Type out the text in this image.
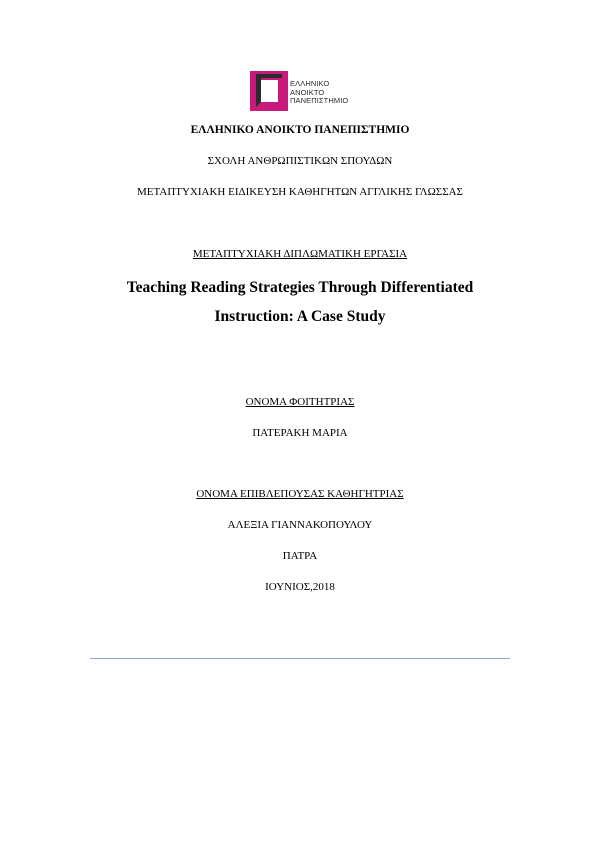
ΕΛΛΗΝΙΚΟ
ΑΝΟΙΚΤΟ
ΠΑΝΕΠΙΣΤΗΜΙΟ
ΕΛΛΗΝΙΚΟ ΑΝΟΙΚΤΟ ΠΑΝΕΠΙΣΤΗΜΙΟ
ΣΧΟΛΗ ΑΝΘΡΩΠΙΣΤΙΚΩΝ ΣΠΟΥΔΩΝ
ΜΕΤΑΠΤΥΧΙΑΚΗ ΕΙΔΙΚΕΥΣΗ ΚΑΘΗΓΗΤΩΝ ΑΓΓΛΙΚΗΣ ΓΛΩΣΣΑΣ
ΜΕΤΑΠΤΥΧΙΑΚΗ ΔΙΠΛΩΜΑΤΙΚΗ ΕΡΓΑΣΙΑ
Teaching Reading Strategies Through Differentiated
Instruction: A Case Study
ΟΝΟΜΑ ΦΟΙΤΗΤΡΙΑΣ
ΠΑΤΕΡΑΚΗ ΜΑΡΙΑ
ΟΝΟΜΑ ΕΠΙΒΛΕΠΟΥΣΑΣ ΚΑΘΗΓΗΤΡΙΑΣ
ΑΛΕΞΙΑ ΓΙΑΝΝΑΚΟΠΟΥΛΟΥ
ΠΑΤΡΑ
ΙΟΥΝΙΟΣ,2018
